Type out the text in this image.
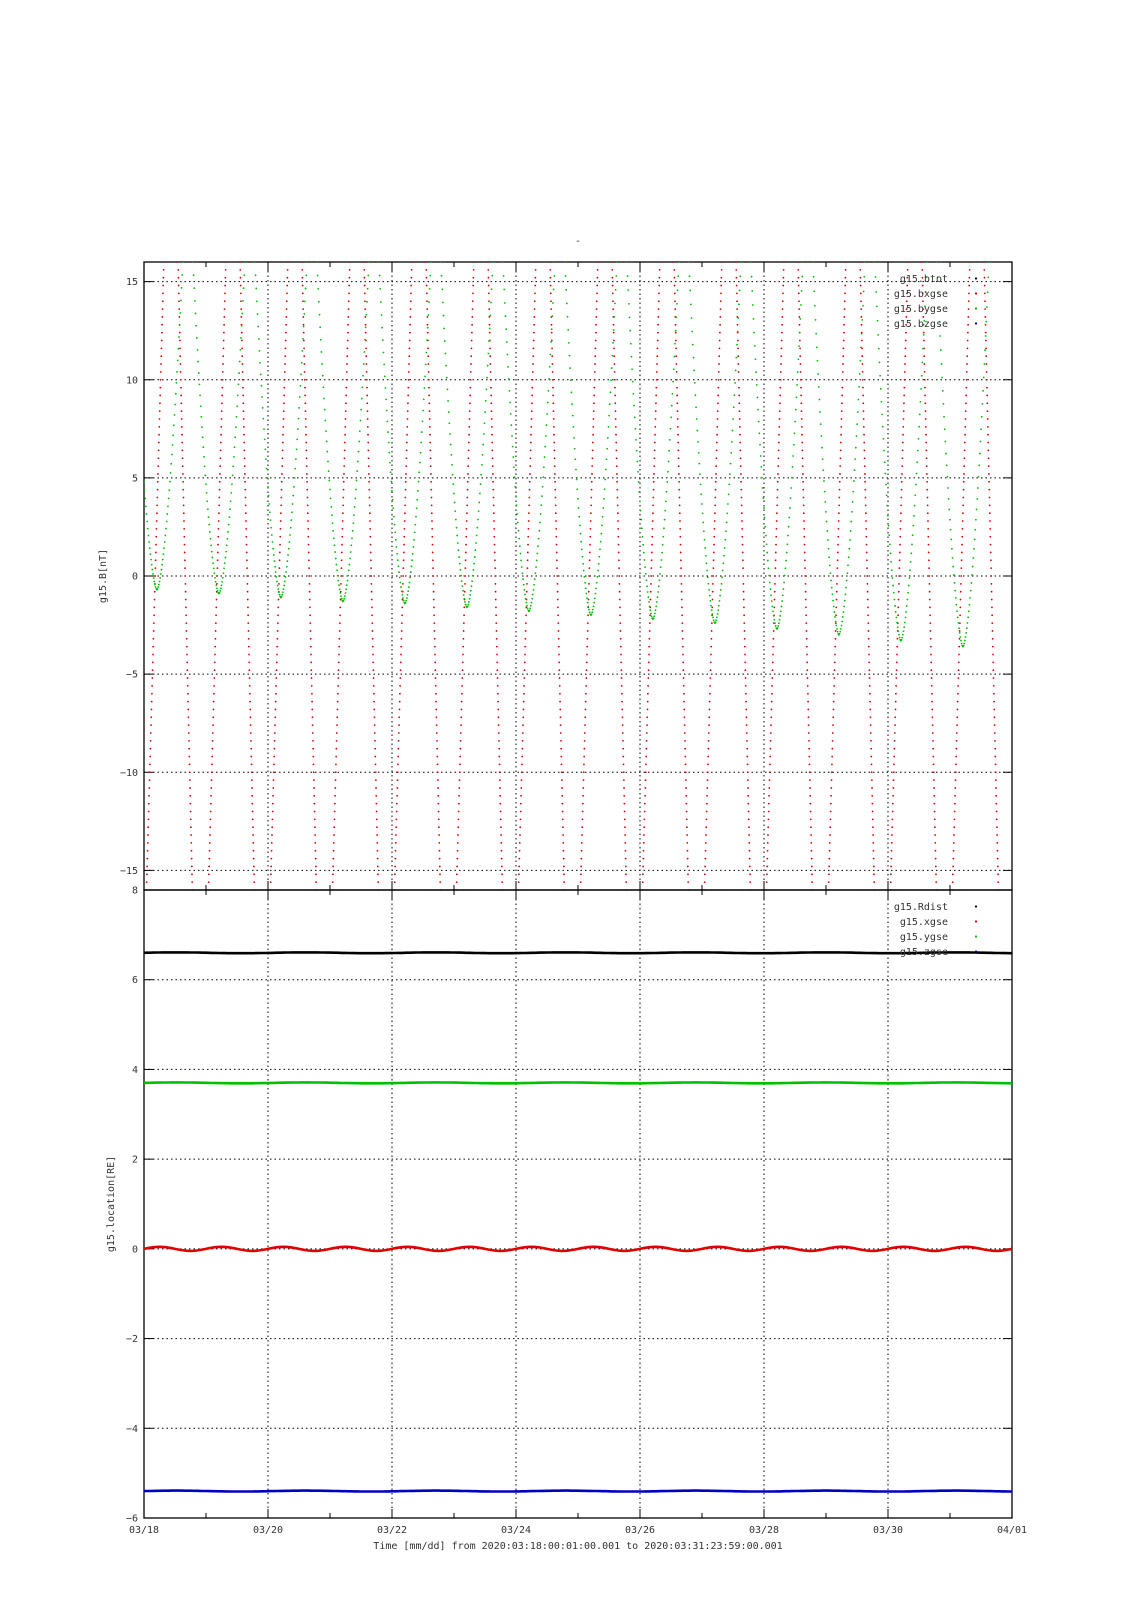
-
−15
−10
−5
0
5
10
15
g15.B[nT]
g15.btot
g15.bxgse
g15.bygse
g15.bzgse
−6
−4
−2
0
2
4
6
8
g15.location[RE]
g15.Rdist
g15.xgse
g15.ygse
g15.zgse
03/18	03/20	03/22	03/24	03/26	03/28	03/30	04/01
Time [mm/dd] from 2020:03:18:00:01:00.001 to 2020:03:31:23:59:00.001
